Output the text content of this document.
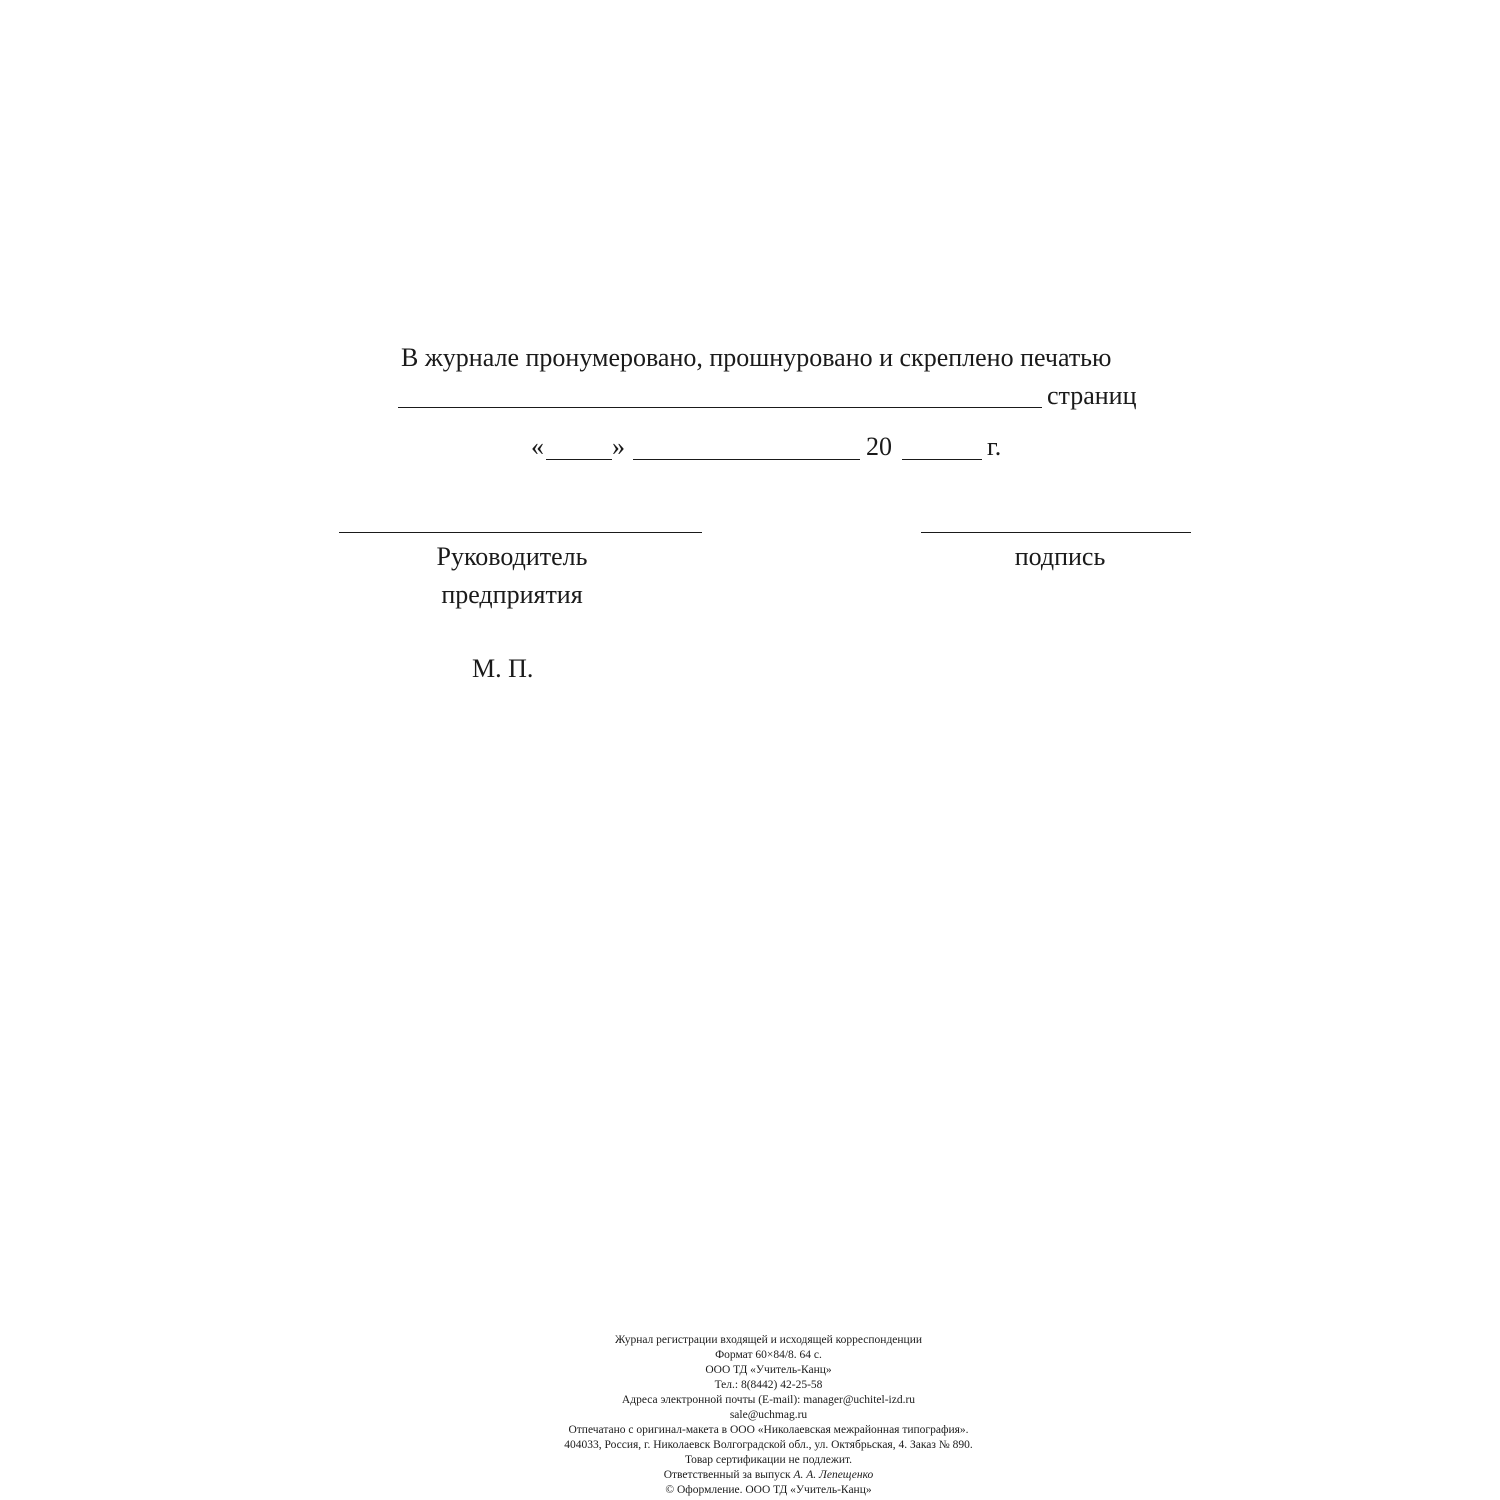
В журнале пронумеровано, прошнуровано и скреплено печатью
страниц
«	»	20	г.
Руководитель
предприятия
подпись
М. П.
Журнал регистрации входящей и исходящей корреспонденции
Формат 60×84/8. 64 с.
ООО ТД «Учитель-Канц»
Тел.: 8(8442) 42-25-58
Адреса электронной почты (E-mail): manager@uchitel-izd.ru
sale@uchmag.ru
Отпечатано с оригинал-макета в ООО «Николаевская межрайонная типография».
404033, Россия, г. Николаевск Волгоградской обл., ул. Октябрьская, 4. Заказ № 890.
Товар сертификации не подлежит.
Ответственный за выпуск А. А. Лепещенко
© Оформление. ООО ТД «Учитель-Канц»
